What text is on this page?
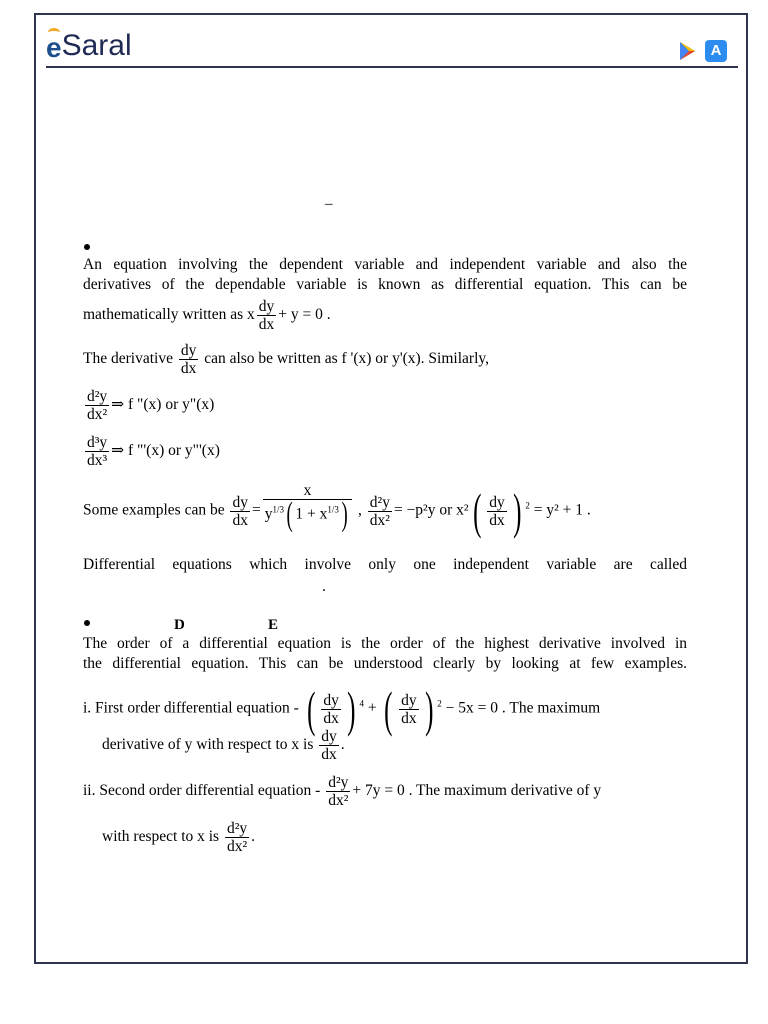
e Saral	A
–
An equation involving the dependent variable and independent variable and also the
derivatives of the dependable variable is known as differential equation. This can be
mathematically written as x $\frac{dy}{dx} + y = 0$ .
The derivative $\frac{dy}{dx}$ can also be written as f '(x) or y'(x). Similarly,
$\frac{\text{d²y}}{\text{dx²}}$ ⇒ f "(x) or y"(x)
$\frac{\text{d³y}}{\text{dx³}}$ ⇒ f "'(x) or y"'(x)
Some examples can be $\frac{dy}{dx} = \frac{x}{y^{1/3}( 1 + x^{1/3})}$ , $\frac{\text{d²y}}{\text{dx²}} = -p^2y$ or $x^2( \frac{dy}{dx}$ ) $^2$ = y² + 1 .
Differential equations which involve only one independent variable are called
.
D	E
The order of a differential equation is the order of the highest derivative involved in
the differential equation. This can be understood clearly by looking at few examples.
i. First order differential equation - ( $\frac{dy}{dx}$ ) $^4$ + ( $\frac{dy}{dx}$ ) $^2$ − 5x = 0 . The maximum
derivative of y with respect to x is $\frac{dy}{dx}$ .
ii. Second order differential equation - $\frac{\text{d²y}}{\text{dx²}} + 7y = 0$ . The maximum derivative of y
with respect to x is $\frac{\text{d²y}}{\text{dx²}}$ .
